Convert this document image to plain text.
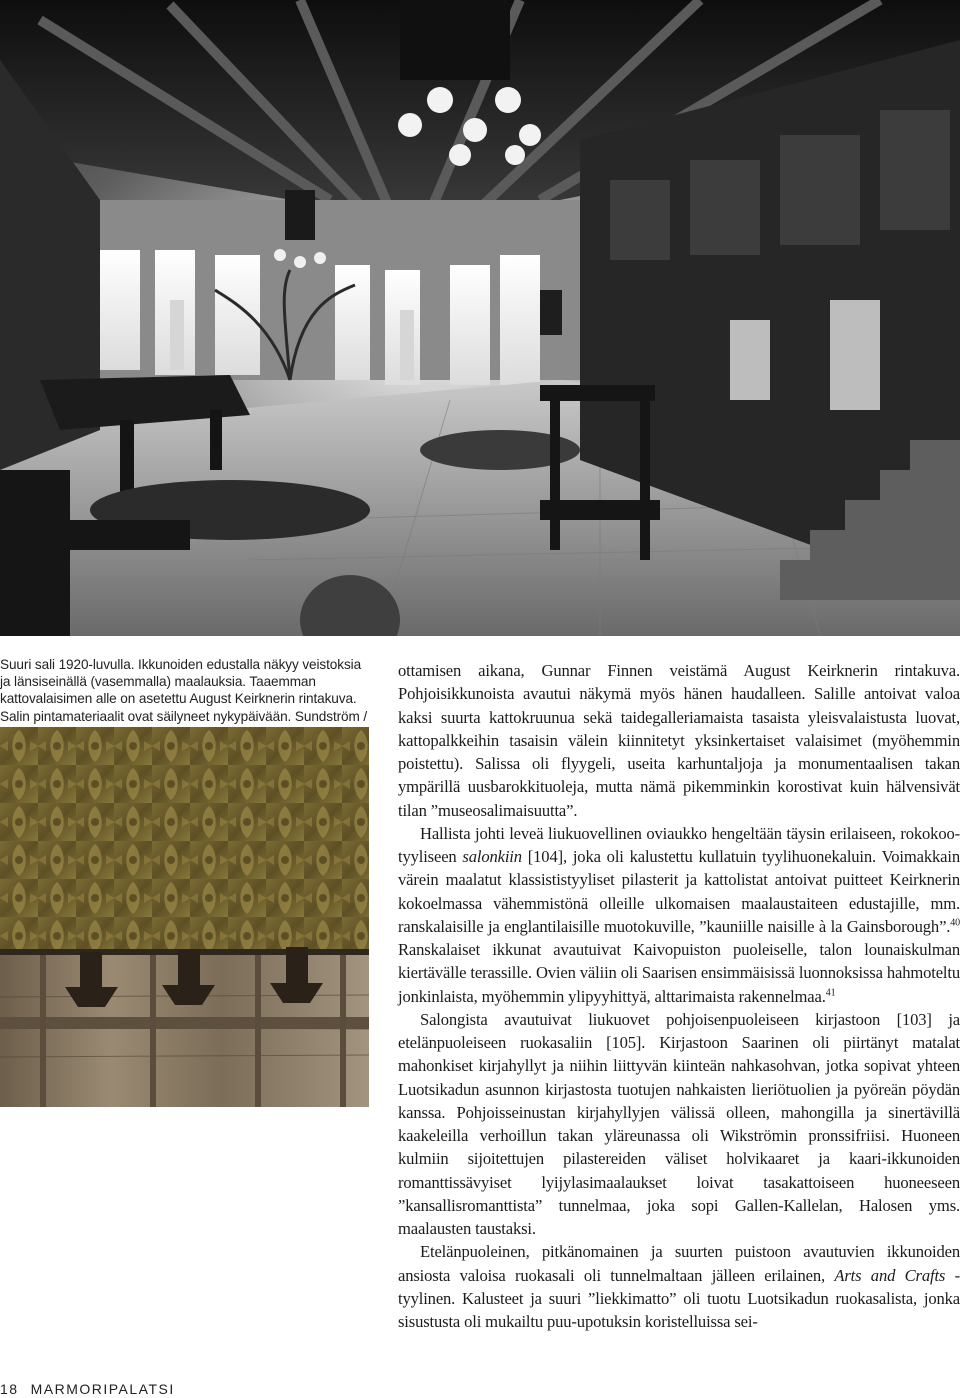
Suuri sali 1920-luvulla. Ikkunoiden edustalla näkyy veistoksia ja länsiseinällä (vasemmalla) maalauksia. Taaemman kattovalaisimen alle on asetettu August Keirknerin rintakuva. Salin pintamateriaalit ovat säilyneet nykypäivään. Sundström /

ottamisen aikana, Gunnar Finnen veistämä August Keirknerin rintakuva. Pohjoisikkunoista avautui näkymä myös hänen haudalleen. Salille antoivat valoa kaksi suurta kattokruunua sekä taidegalleriamaista tasaista yleisvalaistusta luovat, kattopalkkeihin tasaisin välein kiinnitetyt yksinkertaiset valaisimet (myöhemmin poistettu). Salissa oli flyygeli, useita karhuntaljoja ja monumentaalisen takan ympärillä uusbarokkituoleja, mutta nämä pikemminkin korostivat kuin hälvensivät tilan ”museosalimaisuutta”.

Hallista johti leveä liukuovellinen oviaukko hengeltään täysin erilaiseen, rokokoo-tyyliseen salonkiin [104], joka oli kalustettu kullatuin tyylihuonekaluin. Voimakkain värein maalatut klassististyyliset pilasterit ja kattolistat antoivat puitteet Keirknerin kokoelmassa vähemmistönä olleille ulkomaisen maalaustaiteen edustajille, mm. ranskalaisille ja englantilaisille muotokuville, ”kauniille naisille à la Gainsborough”.$^{40}$ Ranskalaiset ikkunat avautuivat Kaivopuiston puoleiselle, talon lounaiskulman kiertävälle terassille. Ovien väliin oli Saarisen ensimmäisissä luonnoksissa hahmoteltu jonkinlaista, myöhemmin ylipyyhittyä, alttarimaista rakennelmaa.$^{41}$

Salongista avautuivat liukuovet pohjoisenpuoleiseen kirjastoon [103] ja etelänpuoleiseen ruokasaliin [105]. Kirjastoon Saarinen oli piirtänyt matalat mahonkiset kirjahyllyt ja niihin liittyvän kiinteän nahkasohvan, jotka sopivat yhteen Luotsikadun asunnon kirjastosta tuotujen nahkaisten lieriötuolien ja pyöreän pöydän kanssa. Pohjoisseinustan kirjahyllyjen välissä olleen, mahongilla ja sinertävillä kaakeleilla verhoillun takan yläreunassa oli Wikströmin pronssifriisi. Huoneen kulmiin sijoitettujen pilastereiden väliset holvikaaret ja kaari-ikkunoiden romanttissävyiset lyijylasimaalaukset loivat tasakattoiseen huoneeseen ”kansallisromanttista” tunnelmaa, joka sopi Gallen-Kallelan, Halosen yms. maalausten taustaksi.

Etelänpuoleinen, pitkänomainen ja suurten puistoon avautuvien ikkunoiden ansiosta valoisa ruokasali oli tunnelmaltaan jälleen erilainen, Arts and Crafts -tyylinen. Kalusteet ja suuri ”liekkimatto” oli tuotu Luotsikadun ruokasalista, jonka sisustusta oli mukailtu puu-upotuksin koristelluissa sei-

18 MARMORIPALATSI
